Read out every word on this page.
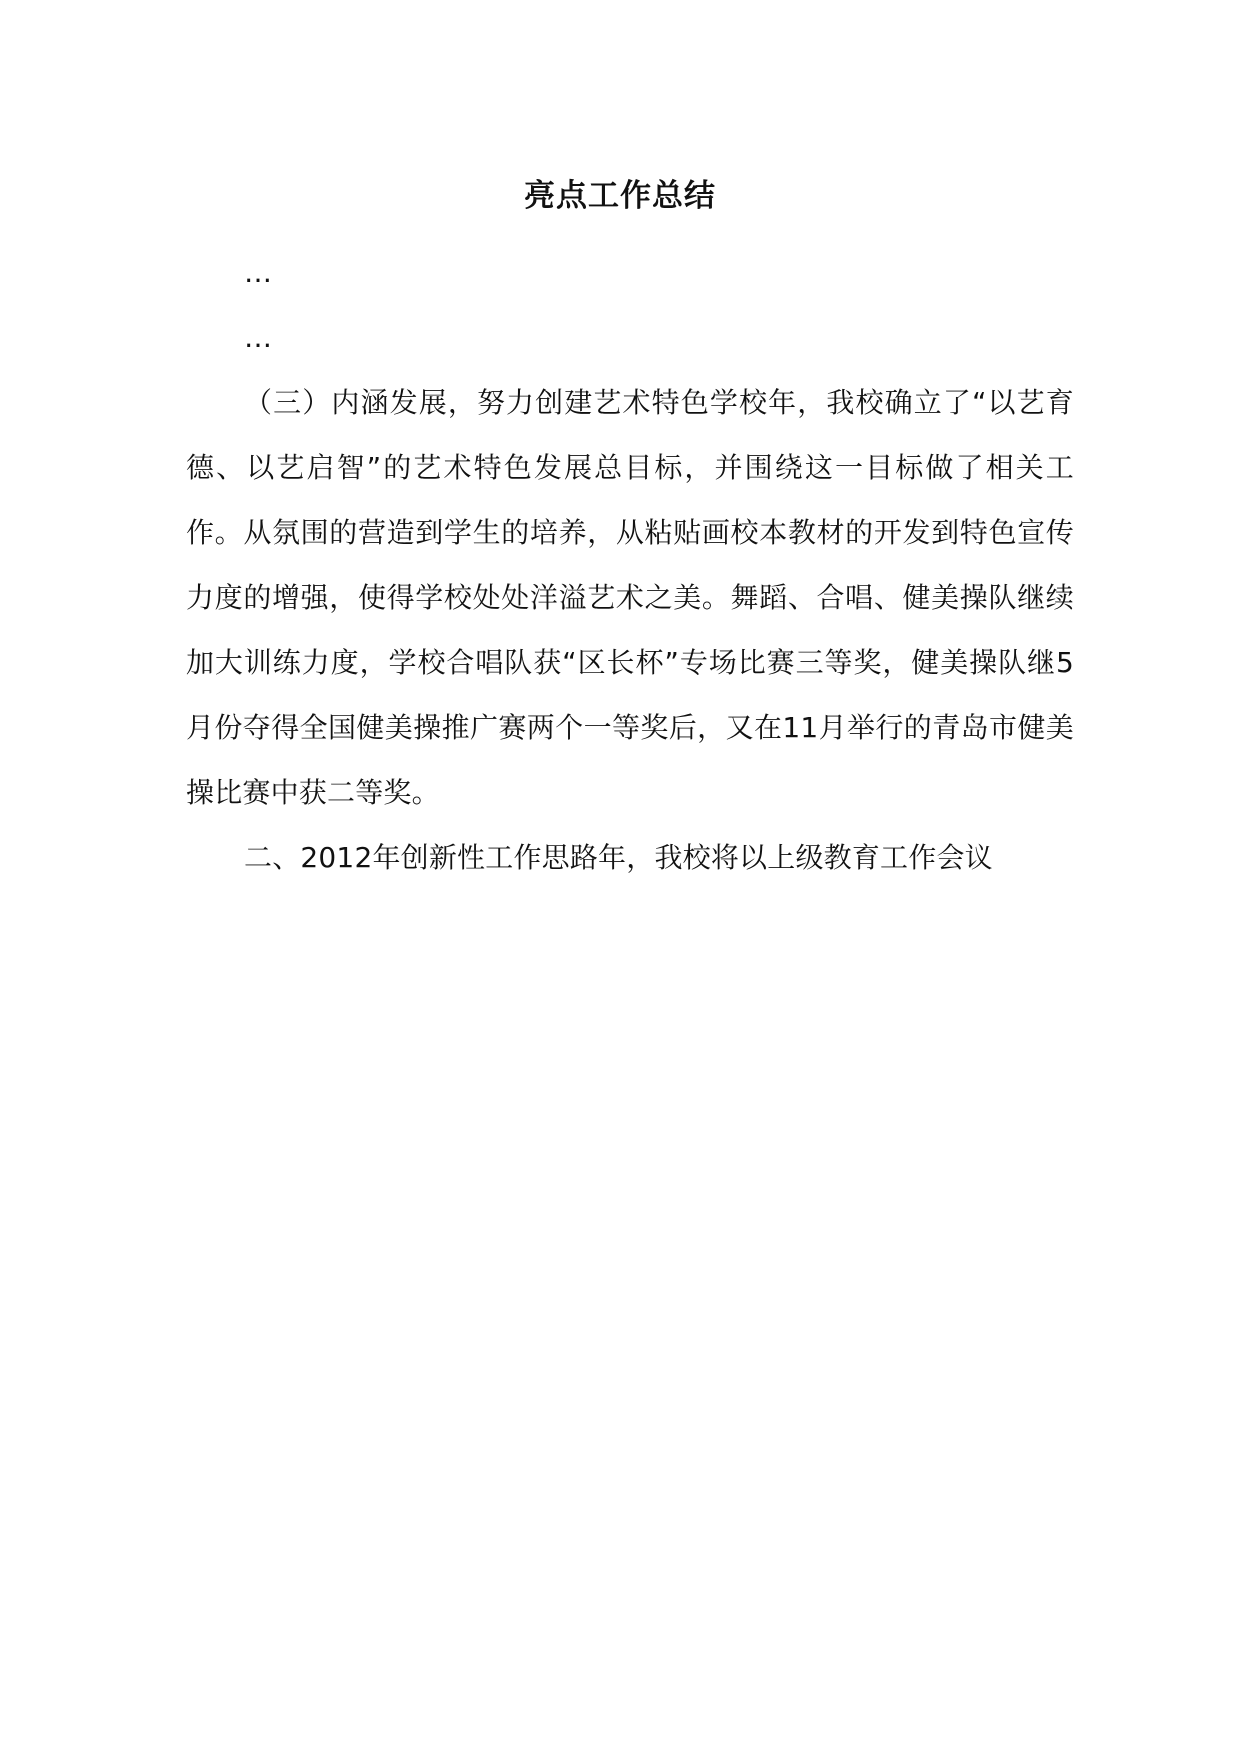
亮点工作总结

…

…

（三）内涵发展，努力创建艺术特色学校年，我校确立了“以艺育德、以艺启智”的艺术特色发展总目标，并围绕这一目标做了相关工作。从氛围的营造到学生的培养，从粘贴画校本教材的开发到特色宣传力度的增强，使得学校处处洋溢艺术之美。舞蹈、合唱、健美操队继续加大训练力度，学校合唱队获“区长杯”专场比赛三等奖，健美操队继5月份夺得全国健美操推广赛两个一等奖后，又在11月举行的青岛市健美操比赛中获二等奖。

二、2012年创新性工作思路年，我校将以上级教育工作会议
